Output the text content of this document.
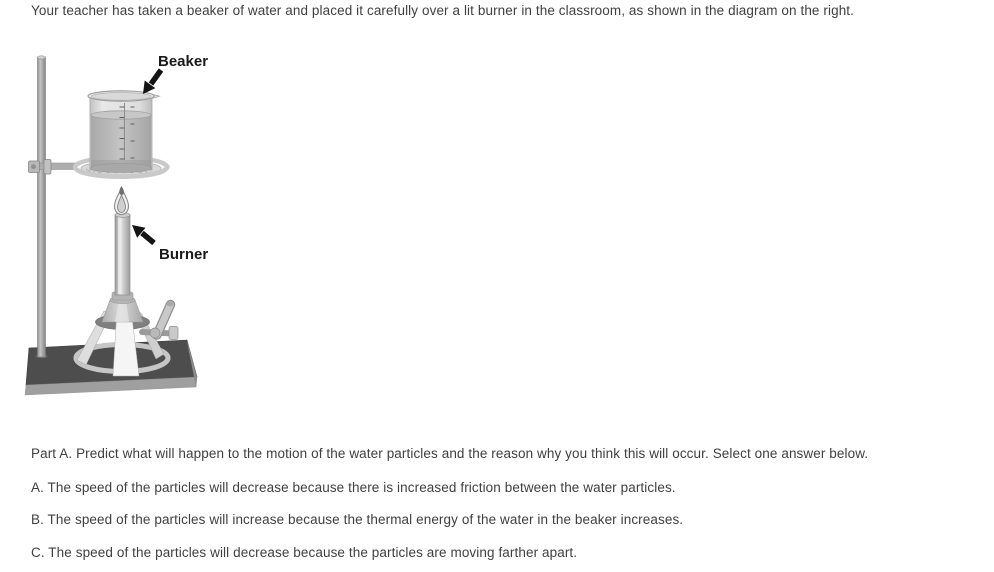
Your teacher has taken a beaker of water and placed it carefully over a lit burner in the classroom, as shown in the diagram on the right.
Beaker
Burner
Part A. Predict what will happen to the motion of the water particles and the reason why you think this will occur. Select one answer below.
A. The speed of the particles will decrease because there is increased friction between the water particles.
B. The speed of the particles will increase because the thermal energy of the water in the beaker increases.
C. The speed of the particles will decrease because the particles are moving farther apart.
